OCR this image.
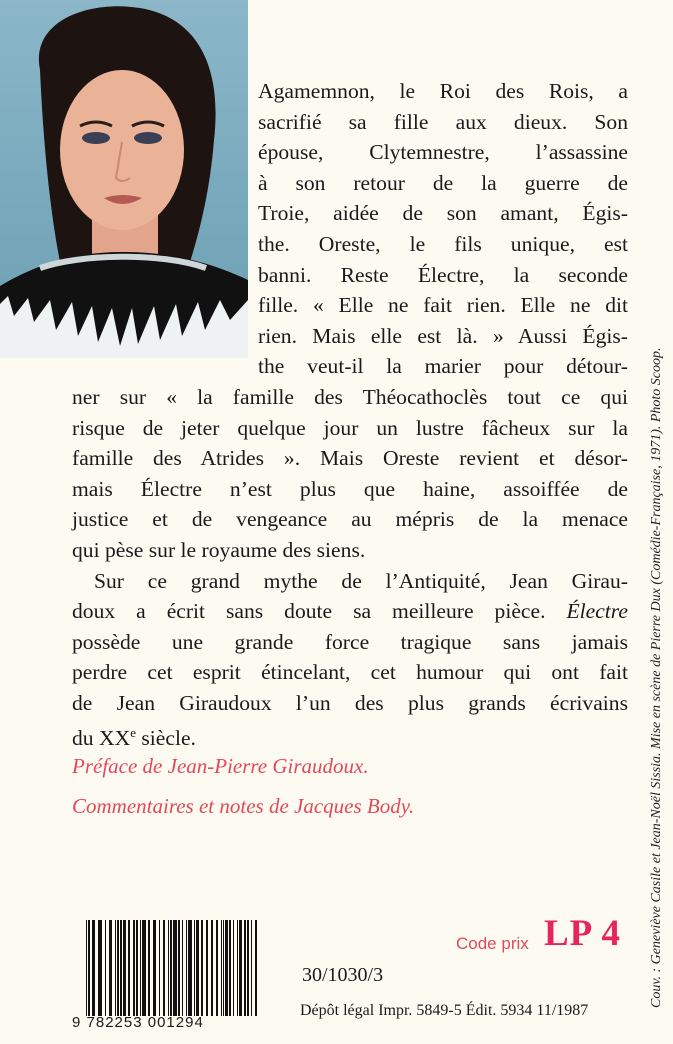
Agamemnon, le Roi des Rois, a
sacrifié sa fille aux dieux. Son
épouse, Clytemnestre, l’assassine
à son retour de la guerre de
Troie, aidée de son amant, Égis-
the. Oreste, le fils unique, est
banni. Reste Électre, la seconde
fille. « Elle ne fait rien. Elle ne dit
rien. Mais elle est là. » Aussi Égis-
the veut-il la marier pour détour-
ner sur « la famille des Théocathoclès tout ce qui
risque de jeter quelque jour un lustre fâcheux sur la
famille des Atrides ». Mais Oreste revient et désor-
mais Électre n’est plus que haine, assoiffée de
justice et de vengeance au mépris de la menace
qui pèse sur le royaume des siens.

Sur ce grand mythe de l’Antiquité, Jean Girau-
doux a écrit sans doute sa meilleure pièce. Électre
possède une grande force tragique sans jamais
perdre cet esprit étincelant, cet humour qui ont fait
de Jean Giraudoux l’un des plus grands écrivains
du XXe siècle.

Préface de Jean-Pierre Giraudoux.
Commentaires et notes de Jacques Body.	Couv. : Geneviève Casile et Jean-Noël Sissia. Mise en scène de Pierre Dux (Comédie-Française, 1971). Photo Scoop.
9 782253 001294
Code prix LP 4
30/1030/3
Dépôt légal Impr. 5849-5 Édit. 5934 11/1987
